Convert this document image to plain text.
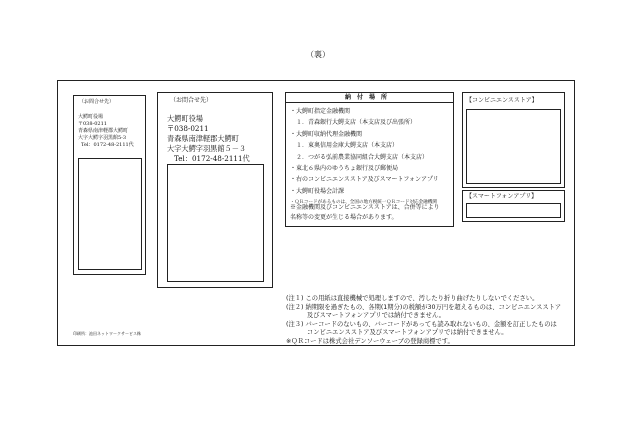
（裏）
（お問合せ先）
大鰐町役場
〒038-0211
青森県南津軽郡大鰐町
大字大鰐字羽黒館5-3
Tel：0172-48-2111代
（お問合せ先）
大鰐町役場
〒038-0211
青森県南津軽郡大鰐町
大字大鰐字羽黒館５－３
Tel：0172-48-2111代
納　付　場　所
・大鰐町指定金融機関
　１．青森銀行大鰐支店（本支店及び出張所）
・大鰐町収納代理金融機関
　１．東奥信用金庫大鰐支店（本支店）
　２．つがる弘前農業協同組合大鰐支店（本支店）
・東北６県内のゆうちょ銀行及び郵便局
・右のコンビニエンスストア及びスマートフォンアプリ
・大鰐町役場会計課
・ＱＲコードがあるものは、全国の地方税統一ＱＲコード対応金融機関
※金融機関及びコンビニエンスストアは、合併等により
名称等の変更が生じる場合があります。
【コンビニエンスストア】
【スマートフォンアプリ】
(注１) この用紙は直接機械で処理しますので、汚したり折り曲げたりしないでください。
(注２) 納期限を過ぎたもの、各期(1期分)の税額が30万円を超えるものは、コンビニエンスストア
　　　 及びスマートフォンアプリでは納付できません。
(注３) バーコードのないもの、バーコードがあっても読み取れないもの、金額を訂正したものは
　　　 コンビニエンスストア及びスマートフォンアプリでは納付できません。
※ＱＲコードは株式会社デンソーウェーブの登録商標です。
印刷所：池田ネットワークサービス株
